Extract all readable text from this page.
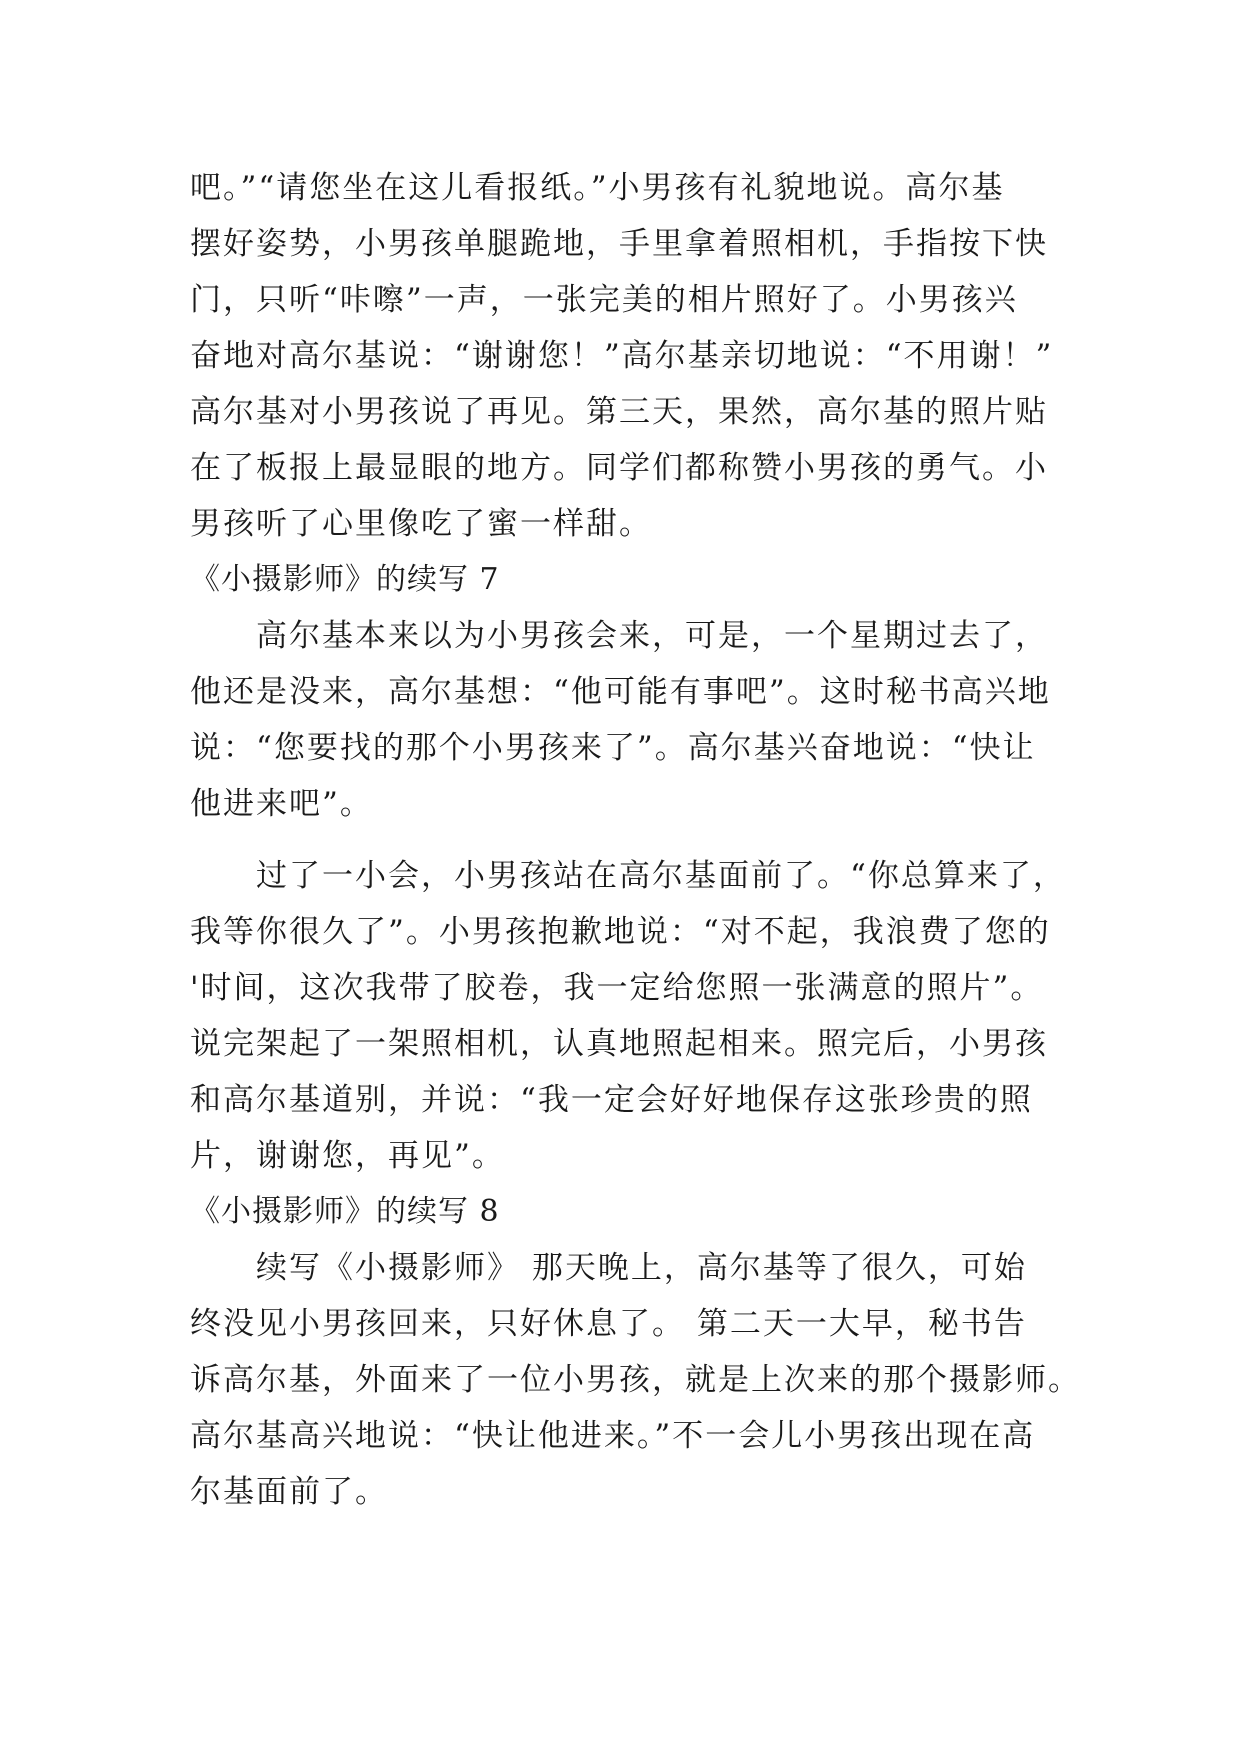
吧。”“请您坐在这儿看报纸。”小男孩有礼貌地说。高尔基
摆好姿势，小男孩单腿跪地，手里拿着照相机，手指按下快
门，只听“咔嚓”一声，一张完美的相片照好了。小男孩兴
奋地对高尔基说：“谢谢您！”高尔基亲切地说：“不用谢！”
高尔基对小男孩说了再见。第三天，果然，高尔基的照片贴
在了板报上最显眼的地方。同学们都称赞小男孩的勇气。小
男孩听了心里像吃了蜜一样甜。
《小摄影师》的续写 7
高尔基本来以为小男孩会来，可是，一个星期过去了，
他还是没来，高尔基想：“他可能有事吧”。这时秘书高兴地
说：“您要找的那个小男孩来了”。高尔基兴奋地说：“快让
他进来吧”。
过了一小会，小男孩站在高尔基面前了。“你总算来了，
我等你很久了”。小男孩抱歉地说：“对不起，我浪费了您的
'时间，这次我带了胶卷，我一定给您照一张满意的照片”。
说完架起了一架照相机，认真地照起相来。照完后，小男孩
和高尔基道别，并说：“我一定会好好地保存这张珍贵的照
片，谢谢您，再见”。
《小摄影师》的续写 8
续写《小摄影师》 那天晚上，高尔基等了很久，可始
终没见小男孩回来，只好休息了。 第二天一大早，秘书告
诉高尔基，外面来了一位小男孩，就是上次来的那个摄影师。
高尔基高兴地说：“快让他进来。”不一会儿小男孩出现在高
尔基面前了。
